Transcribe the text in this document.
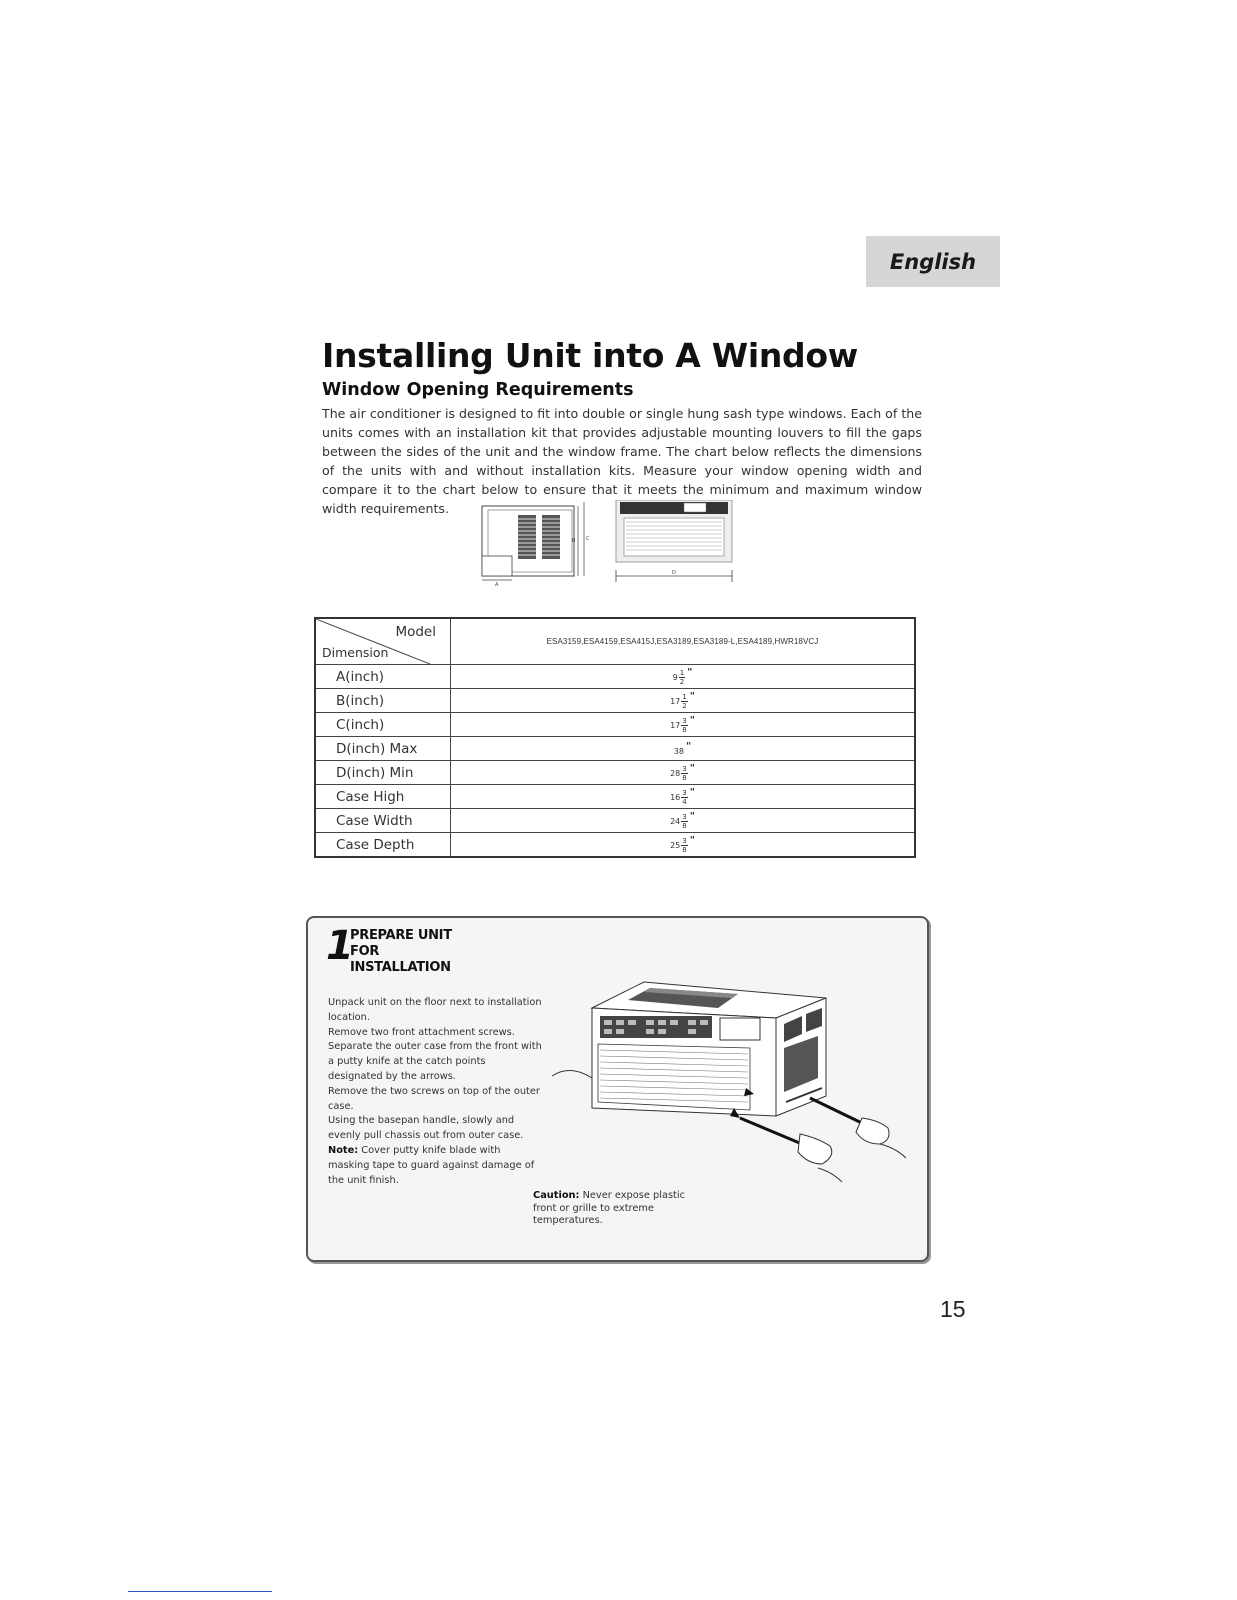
English
Installing Unit into A Window
Window Opening Requirements
The air conditioner is designed to fit into double or single hung sash type windows. Each of the units comes with an installation kit that provides adjustable mounting louvers to fill the gaps between the sides of the unit and the window frame. The chart below reflects the dimensions of the units with and without installation kits. Measure your window opening width and compare it to the chart below to ensure that it meets the minimum and maximum window width requirements.
B C
A
D
Model
Dimension	ESA3159,ESA4159,ESA415J,ESA3189,ESA3189-L,ESA4189,HWR18VCJ
A(inch)	$9 \frac{1}{2}$ "
B(inch)	$17 \frac{1}{2}$ "
C(inch)	$17 \frac{3}{8}$ "
D(inch) Max	38 "
D(inch) Min	$28 \frac{3}{8}$ "
Case High	$16 \frac{3}{4}$ "
Case Width	$24 \frac{3}{8}$ "
Case Depth	$25 \frac{3}{8}$ "
1
PREPARE UNIT
FOR
INSTALLATION
Unpack unit on the floor next to installation location.
Remove two front attachment screws.
Separate the outer case from the front with a putty knife at the catch points designated by the arrows.
Remove the two screws on top of the outer case.
Using the basepan handle, slowly and evenly pull chassis out from outer case.
Note: Cover putty knife blade with masking tape to guard against damage of the unit finish.
Caution: Never expose plastic front or grille to extreme temperatures.
15
